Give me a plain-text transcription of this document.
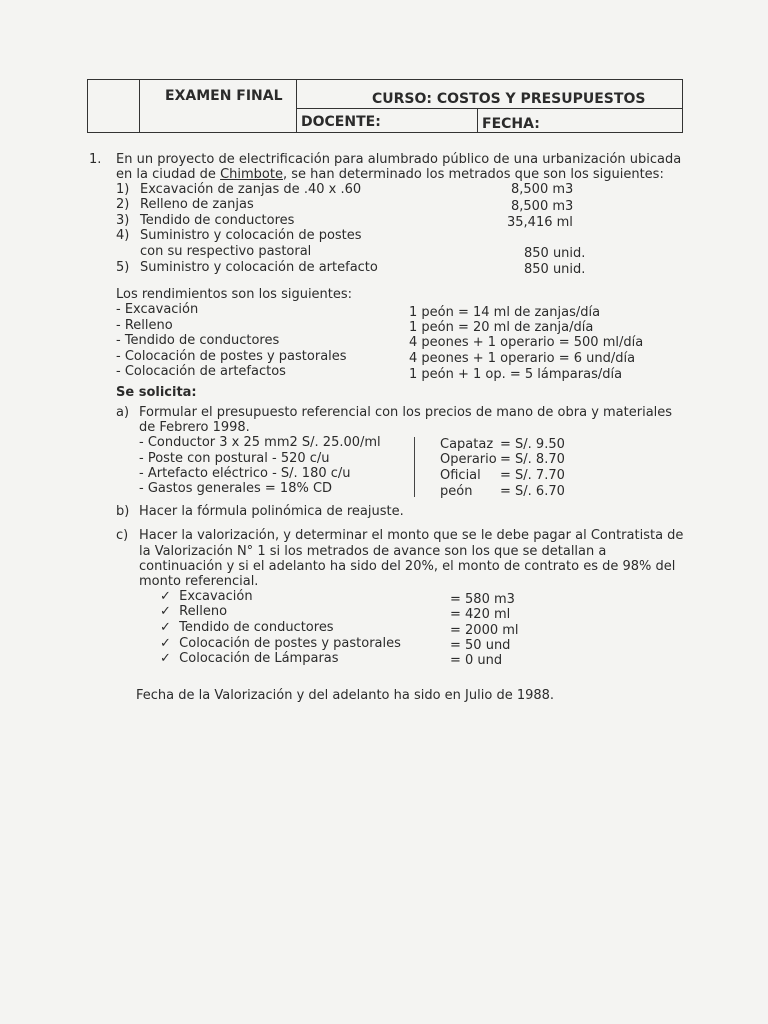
EXAMEN FINAL	CURSO: COSTOS Y PRESUPUESTOS
DOCENTE:	FECHA:
1. En un proyecto de electrificación para alumbrado público de una urbanización ubicada
en la ciudad de Chimbote, se han determinado los metrados que son los siguientes:
1) Excavación de zanjas de .40 x .60	8,500 m3
2) Relleno de zanjas	8,500 m3
3) Tendido de conductores	35,416 ml
4) Suministro y colocación de postes
con su respectivo pastoral	850 unid.
5) Suministro y colocación de artefacto	850 unid.
Los rendimientos son los siguientes:
- Excavación	1 peón = 14 ml de zanjas/día
- Relleno	1 peón = 20 ml de zanja/día
- Tendido de conductores	4 peones + 1 operario = 500 ml/día
- Colocación de postes y pastorales	4 peones + 1 operario = 6 und/día
- Colocación de artefactos	1 peón + 1 op. = 5 lámparas/día
Se solicita:
a) Formular el presupuesto referencial con los precios de mano de obra y materiales
de Febrero 1998.
- Conductor 3 x 25 mm2 S/. 25.00/ml
- Poste con postural - 520 c/u
- Artefacto eléctrico - S/. 180 c/u
- Gastos generales = 18% CD
Capataz = S/. 9.50
Operario = S/. 8.70
Oficial = S/. 7.70
peón = S/. 6.70
b) Hacer la fórmula polinómica de reajuste.
c) Hacer la valorización, y determinar el monto que se le debe pagar al Contratista de
la Valorización N° 1 si los metrados de avance son los que se detallan a
continuación y si el adelanto ha sido del 20%, el monto de contrato es de 98% del
monto referencial.
✓ Excavación	= 580 m3
✓ Relleno	= 420 ml
✓ Tendido de conductores	= 2000 ml
✓ Colocación de postes y pastorales	= 50 und
✓ Colocación de Lámparas	= 0 und
Fecha de la Valorización y del adelanto ha sido en Julio de 1988.
